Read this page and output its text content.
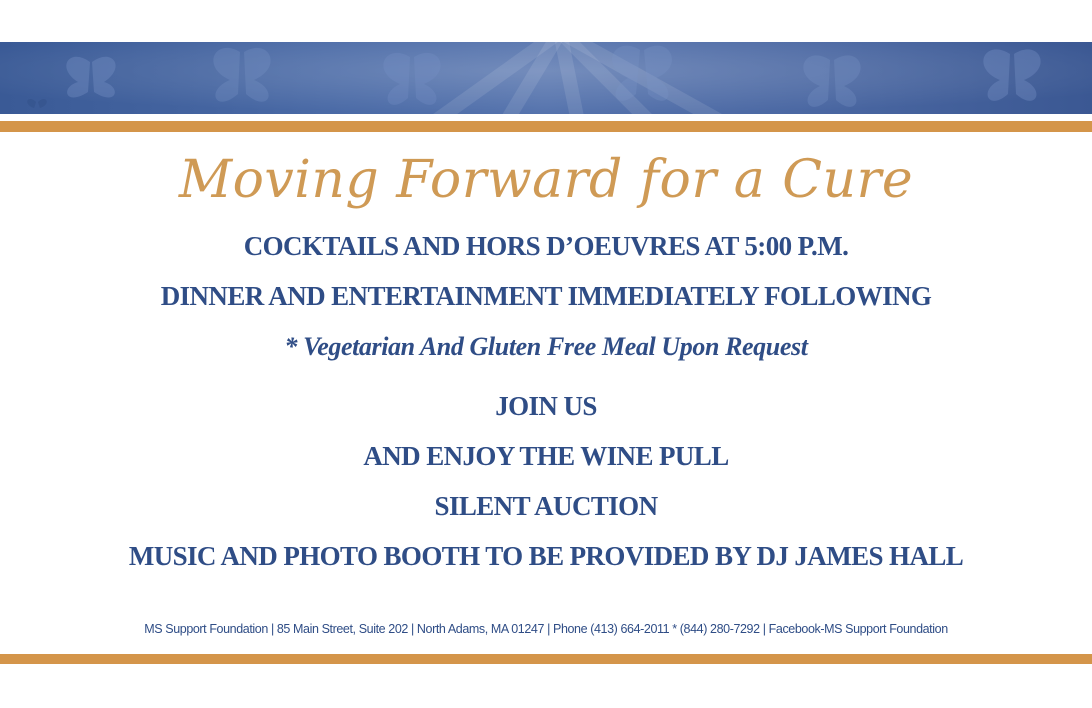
Moving Forward for a Cure
COCKTAILS AND HORS D’OEUVRES AT 5:00 P.M.
DINNER AND ENTERTAINMENT IMMEDIATELY FOLLOWING
* Vegetarian And Gluten Free Meal Upon Request
JOIN US
AND ENJOY THE WINE PULL
SILENT AUCTION
MUSIC AND PHOTO BOOTH TO BE PROVIDED BY DJ JAMES HALL
MS Support Foundation | 85 Main Street, Suite 202 | North Adams, MA 01247 | Phone (413) 664-2011 * (844) 280-7292 | Facebook-MS Support Foundation
